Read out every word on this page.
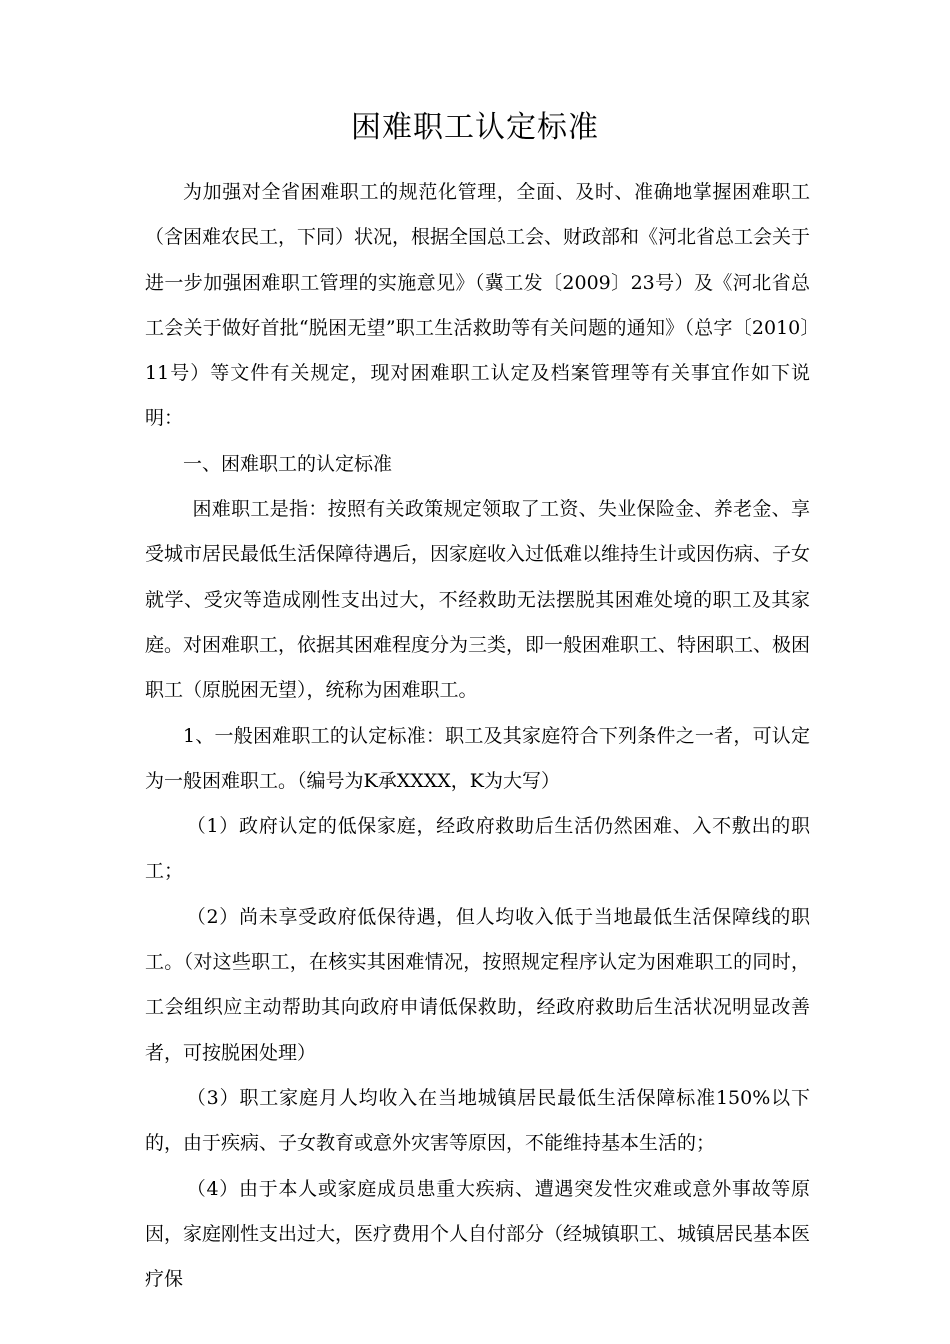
困难职工认定标准

为加强对全省困难职工的规范化管理，全面、及时、准确地掌握困难职工（含困难农民工，下同）状况，根据全国总工会、财政部和《河北省总工会关于进一步加强困难职工管理的实施意见》（冀工发〔2009〕23号）及《河北省总工会关于做好首批“脱困无望”职工生活救助等有关问题的通知》（总字〔2010〕11号）等文件有关规定，现对困难职工认定及档案管理等有关事宜作如下说明：

一、困难职工的认定标准

困难职工是指：按照有关政策规定领取了工资、失业保险金、养老金、享受城市居民最低生活保障待遇后，因家庭收入过低难以维持生计或因伤病、子女就学、受灾等造成刚性支出过大，不经救助无法摆脱其困难处境的职工及其家庭。对困难职工，依据其困难程度分为三类，即一般困难职工、特困职工、极困职工（原脱困无望），统称为困难职工。

1、一般困难职工的认定标准：职工及其家庭符合下列条件之一者，可认定为一般困难职工。（编号为K承XXXX，K为大写）

（1）政府认定的低保家庭，经政府救助后生活仍然困难、入不敷出的职工；

（2）尚未享受政府低保待遇，但人均收入低于当地最低生活保障线的职工。（对这些职工，在核实其困难情况，按照规定程序认定为困难职工的同时，工会组织应主动帮助其向政府申请低保救助，经政府救助后生活状况明显改善者，可按脱困处理）

（3）职工家庭月人均收入在当地城镇居民最低生活保障标准150%以下的，由于疾病、子女教育或意外灾害等原因，不能维持基本生活的；

（4）由于本人或家庭成员患重大疾病、遭遇突发性灾难或意外事故等原因，家庭刚性支出过大，医疗费用个人自付部分（经城镇职工、城镇居民基本医疗保
